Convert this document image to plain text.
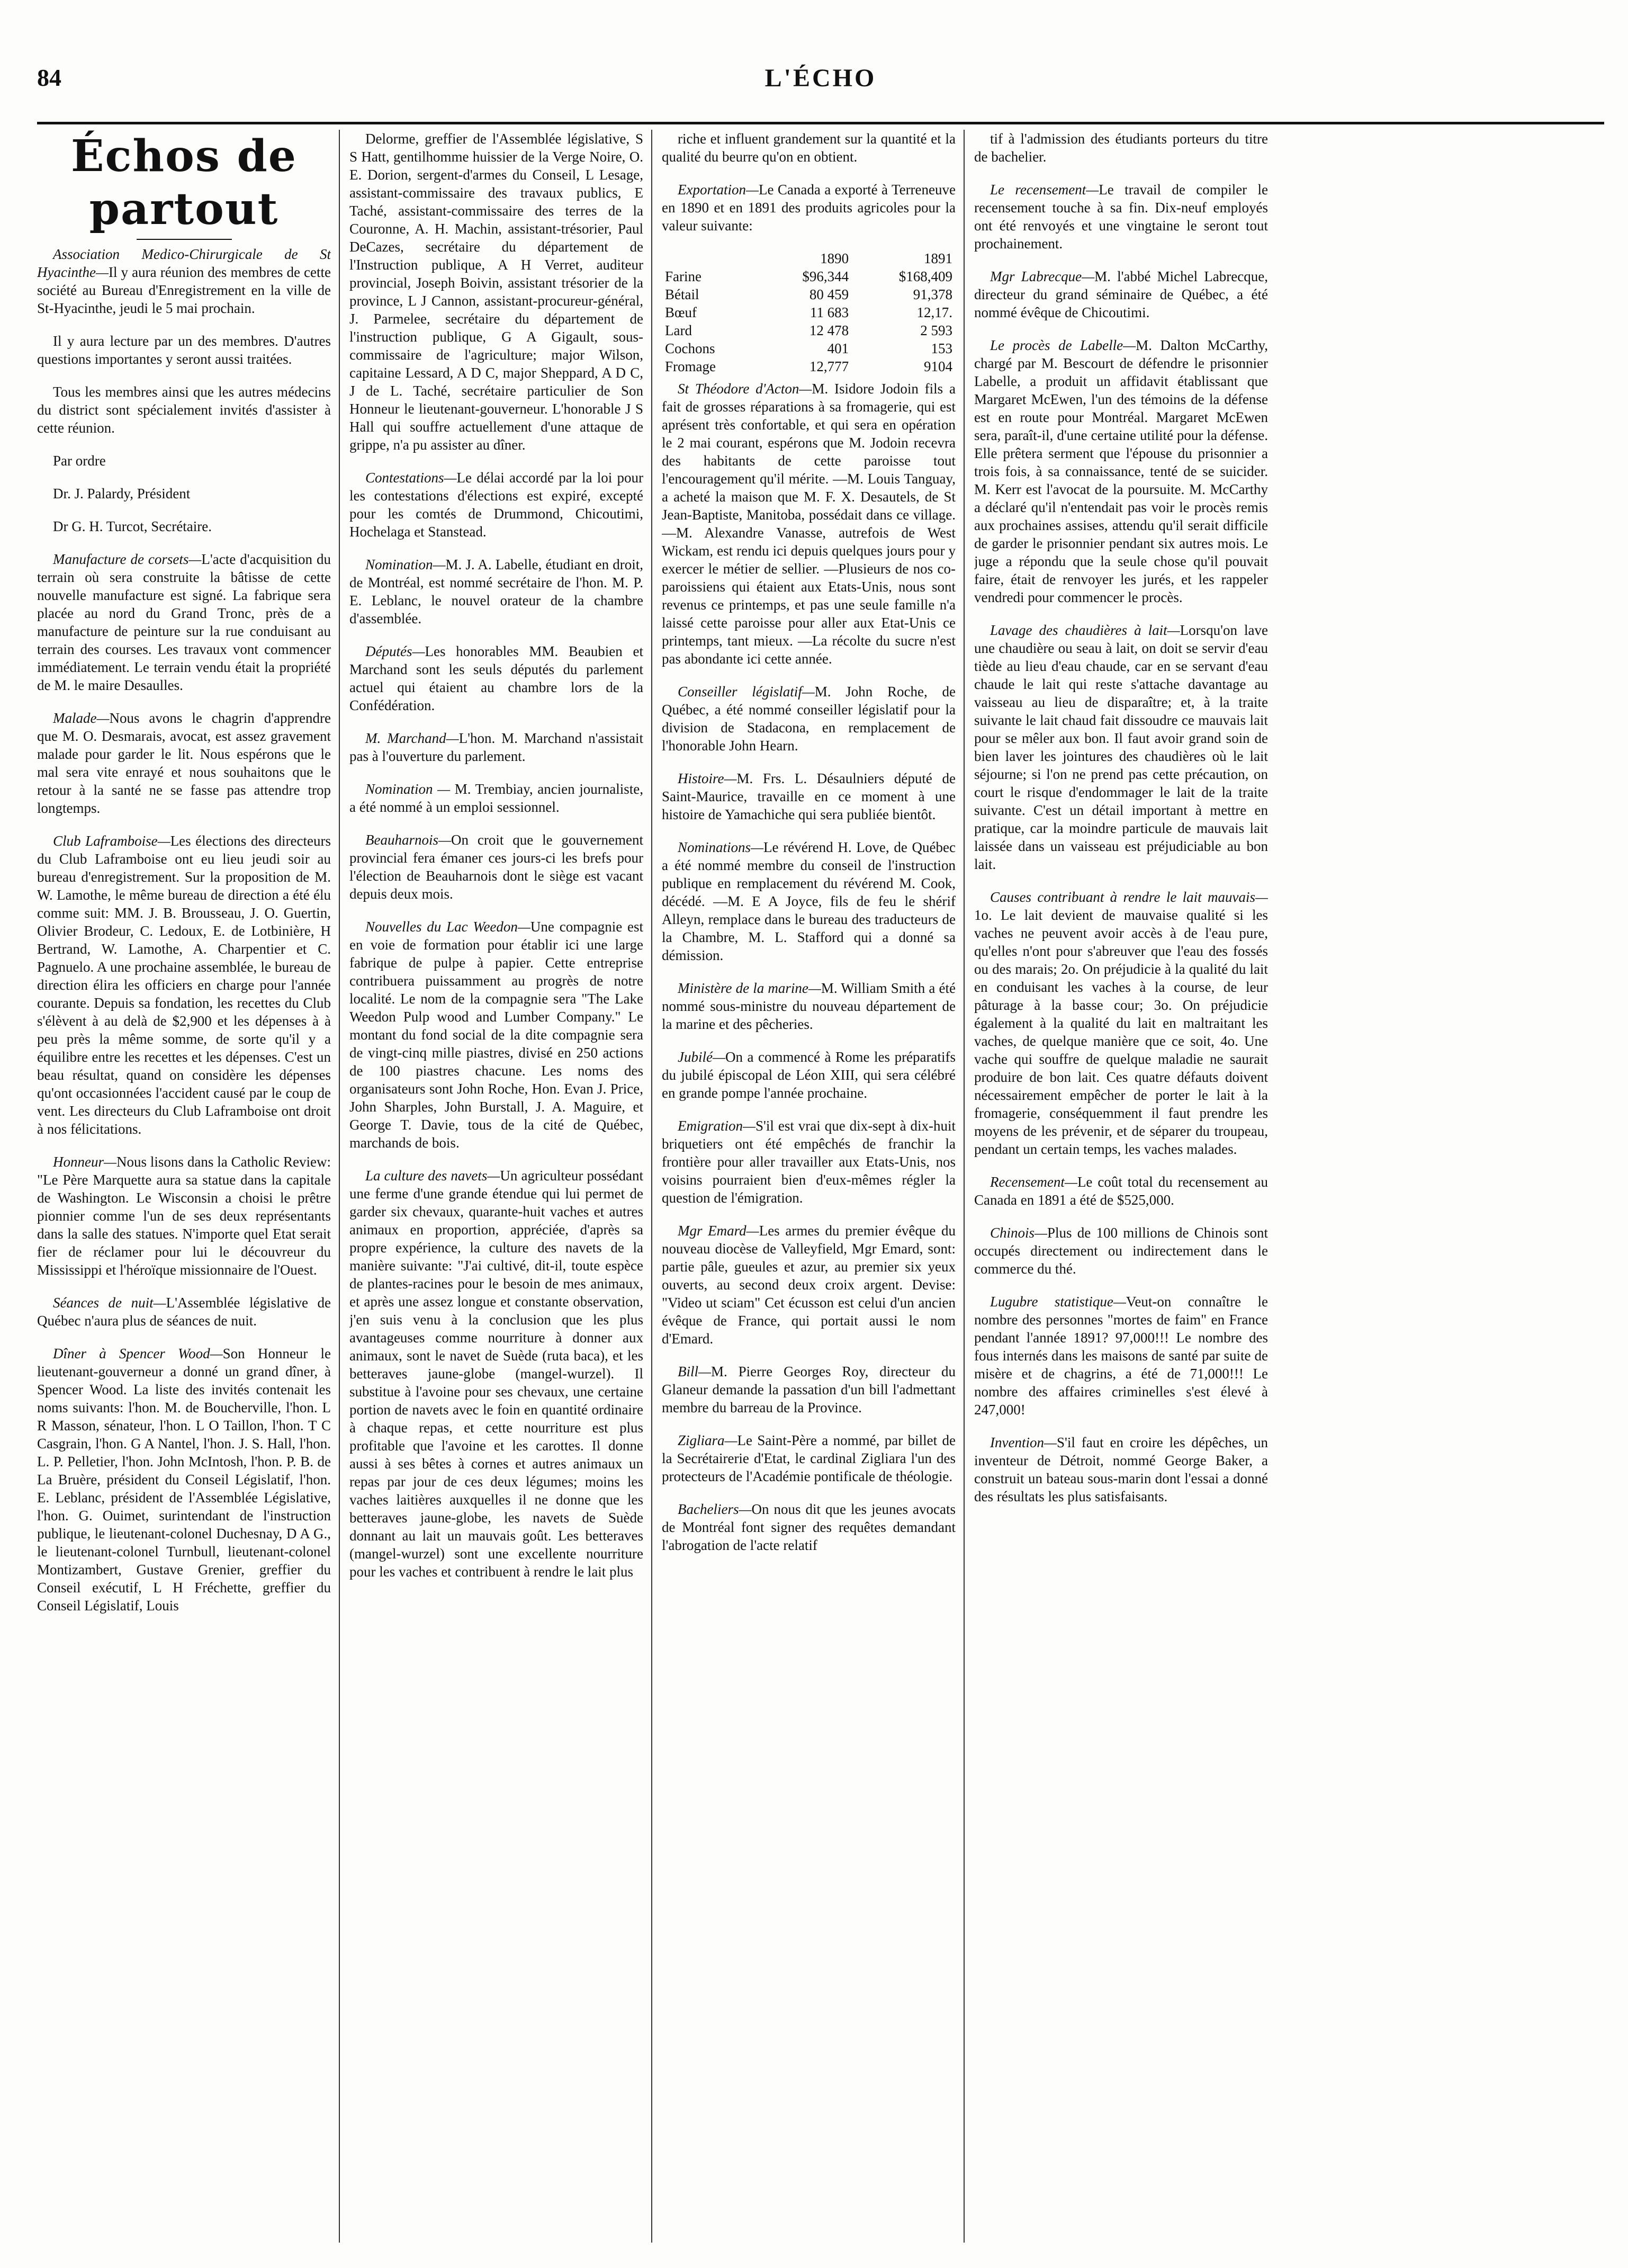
84	L'ÉCHO
Échos de partout
Association Medico-Chirurgicale de St Hyacinthe—Il y aura réunion des membres de cette société au Bureau d'Enregistrement en la ville de St-Hyacinthe, jeudi le 5 mai prochain.
Il y aura lecture par un des membres. D'autres questions importantes y seront aussi traitées.
Tous les membres ainsi que les autres médecins du district sont spécialement invités d'assister à cette réunion.
Par ordre
Dr. J. Palardy, Président
Dr G. H. Turcot, Secrétaire.
Manufacture de corsets—L'acte d'acquisition du terrain où sera construite la bâtisse de cette nouvelle manufacture est signé. La fabrique sera placée au nord du Grand Tronc, près de a manufacture de peinture sur la rue conduisant au terrain des courses. Les travaux vont commencer immédiatement. Le terrain vendu était la propriété de M. le maire Desaulles.
Malade—Nous avons le chagrin d'apprendre que M. O. Desmarais, avocat, est assez gravement malade pour garder le lit. Nous espérons que le mal sera vite enrayé et nous souhaitons que le retour à la santé ne se fasse pas attendre trop longtemps.
Club Laframboise—Les élections des directeurs du Club Laframboise ont eu lieu jeudi soir au bureau d'enregistrement. Sur la proposition de M. W. Lamothe, le même bureau de direction a été élu comme suit: MM. J. B. Brousseau, J. O. Guertin, Olivier Brodeur, C. Ledoux, E. de Lotbinière, H Bertrand, W. Lamothe, A. Charpentier et C. Pagnuelo. A une prochaine assemblée, le bureau de direction élira les officiers en charge pour l'année courante. Depuis sa fondation, les recettes du Club s'élèvent à au delà de $2,900 et les dépenses à à peu près la même somme, de sorte qu'il y a équilibre entre les recettes et les dépenses. C'est un beau résultat, quand on considère les dépenses qu'ont occasionnées l'accident causé par le coup de vent. Les directeurs du Club Laframboise ont droit à nos félicitations.
Honneur—Nous lisons dans la Catholic Review: "Le Père Marquette aura sa statue dans la capitale de Washington. Le Wisconsin a choisi le prêtre pionnier comme l'un de ses deux représentants dans la salle des statues. N'importe quel Etat serait fier de réclamer pour lui le découvreur du Mississippi et l'héroïque missionnaire de l'Ouest.
Séances de nuit—L'Assemblée législative de Québec n'aura plus de séances de nuit.
Dîner à Spencer Wood—Son Honneur le lieutenant-gouverneur a donné un grand dîner, à Spencer Wood. La liste des invités contenait les noms suivants: l'hon. M. de Boucherville, l'hon. L R Masson, sénateur, l'hon. L O Taillon, l'hon. T C Casgrain, l'hon. G A Nantel, l'hon. J. S. Hall, l'hon. L. P. Pelletier, l'hon. John McIntosh, l'hon. P. B. de La Bruère, président du Conseil Législatif, l'hon. E. Leblanc, président de l'Assemblée Législative, l'hon. G. Ouimet, surintendant de l'instruction publique, le lieutenant-colonel Duchesnay, D A G., le lieutenant-colonel Turnbull, lieutenant-colonel Montizambert, Gustave Grenier, greffier du Conseil exécutif, L H Fréchette, greffier du Conseil Législatif, Louis
Delorme, greffier de l'Assemblée législative, S S Hatt, gentilhomme huissier de la Verge Noire, O. E. Dorion, sergent-d'armes du Conseil, L Lesage, assistant-commissaire des travaux publics, E Taché, assistant-commissaire des terres de la Couronne, A. H. Machin, assistant-trésorier, Paul DeCazes, secrétaire du département de l'Instruction publique, A H Verret, auditeur provincial, Joseph Boivin, assistant trésorier de la province, L J Cannon, assistant-procureur-général, J. Parmelee, secrétaire du département de l'instruction publique, G A Gigault, sous-commissaire de l'agriculture; major Wilson, capitaine Lessard, A D C, major Sheppard, A D C, J de L. Taché, secrétaire particulier de Son Honneur le lieutenant-gouverneur. L'honorable J S Hall qui souffre actuellement d'une attaque de grippe, n'a pu assister au dîner.
Contestations—Le délai accordé par la loi pour les contestations d'élections est expiré, excepté pour les comtés de Drummond, Chicoutimi, Hochelaga et Stanstead.
Nomination—M. J. A. Labelle, étudiant en droit, de Montréal, est nommé secrétaire de l'hon. M. P. E. Leblanc, le nouvel orateur de la chambre d'assemblée.
Députés—Les honorables MM. Beaubien et Marchand sont les seuls députés du parlement actuel qui étaient au chambre lors de la Confédération.
M. Marchand—L'hon. M. Marchand n'assistait pas à l'ouverture du parlement.
Nomination — M. Trembiay, ancien journaliste, a été nommé à un emploi sessionnel.
Beauharnois—On croit que le gouvernement provincial fera émaner ces jours-ci les brefs pour l'élection de Beauharnois dont le siège est vacant depuis deux mois.
Nouvelles du Lac Weedon—Une compagnie est en voie de formation pour établir ici une large fabrique de pulpe à papier. Cette entreprise contribuera puissamment au progrès de notre localité. Le nom de la compagnie sera "The Lake Weedon Pulp wood and Lumber Company." Le montant du fond social de la dite compagnie sera de vingt-cinq mille piastres, divisé en 250 actions de 100 piastres chacune. Les noms des organisateurs sont John Roche, Hon. Evan J. Price, John Sharples, John Burstall, J. A. Maguire, et George T. Davie, tous de la cité de Québec, marchands de bois.
La culture des navets—Un agriculteur possédant une ferme d'une grande étendue qui lui permet de garder six chevaux, quarante-huit vaches et autres animaux en proportion, appréciée, d'après sa propre expérience, la culture des navets de la manière suivante: "J'ai cultivé, dit-il, toute espèce de plantes-racines pour le besoin de mes animaux, et après une assez longue et constante observation, j'en suis venu à la conclusion que les plus avantageuses comme nourriture à donner aux animaux, sont le navet de Suède (ruta baca), et les betteraves jaune-globe (mangel-wurzel). Il substitue à l'avoine pour ses chevaux, une certaine portion de navets avec le foin en quantité ordinaire à chaque repas, et cette nourriture est plus profitable que l'avoine et les carottes. Il donne aussi à ses bêtes à cornes et autres animaux un repas par jour de ces deux légumes; moins les vaches laitières auxquelles il ne donne que les betteraves jaune-globe, les navets de Suède donnant au lait un mauvais goût. Les betteraves (mangel-wurzel) sont une excellente nourriture pour les vaches et contribuent à rendre le lait plus
riche et influent grandement sur la quantité et la qualité du beurre qu'on en obtient.
Exportation—Le Canada a exporté à Terreneuve en 1890 et en 1891 des produits agricoles pour la valeur suivante:
	1890	1891
Farine	$96,344	$168,409
Bétail	80 459	91,378
Bœuf	11 683	12,17.
Lard	12 478	2 593
Cochons	401	153
Fromage	12,777	9104
St Théodore d'Acton—M. Isidore Jodoin fils a fait de grosses réparations à sa fromagerie, qui est aprésent très confortable, et qui sera en opération le 2 mai courant, espérons que M. Jodoin recevra des habitants de cette paroisse tout l'encouragement qu'il mérite. —M. Louis Tanguay, a acheté la maison que M. F. X. Desautels, de St Jean-Baptiste, Manitoba, possédait dans ce village. —M. Alexandre Vanasse, autrefois de West Wickam, est rendu ici depuis quelques jours pour y exercer le métier de sellier. —Plusieurs de nos co-paroissiens qui étaient aux Etats-Unis, nous sont revenus ce printemps, et pas une seule famille n'a laissé cette paroisse pour aller aux Etat-Unis ce printemps, tant mieux. —La récolte du sucre n'est pas abondante ici cette année.
Conseiller législatif—M. John Roche, de Québec, a été nommé conseiller législatif pour la division de Stadacona, en remplacement de l'honorable John Hearn.
Histoire—M. Frs. L. Désaulniers député de Saint-Maurice, travaille en ce moment à une histoire de Yamachiche qui sera publiée bientôt.
Nominations—Le révérend H. Love, de Québec a été nommé membre du conseil de l'instruction publique en remplacement du révérend M. Cook, décédé. —M. E A Joyce, fils de feu le shérif Alleyn, remplace dans le bureau des traducteurs de la Chambre, M. L. Stafford qui a donné sa démission.
Ministère de la marine—M. William Smith a été nommé sous-ministre du nouveau département de la marine et des pêcheries.
Jubilé—On a commencé à Rome les préparatifs du jubilé épiscopal de Léon XIII, qui sera célébré en grande pompe l'année prochaine.
Emigration—S'il est vrai que dix-sept à dix-huit briquetiers ont été empêchés de franchir la frontière pour aller travailler aux Etats-Unis, nos voisins pourraient bien d'eux-mêmes régler la question de l'émigration.
Mgr Emard—Les armes du premier évêque du nouveau diocèse de Valleyfield, Mgr Emard, sont: partie pâle, gueules et azur, au premier six yeux ouverts, au second deux croix argent. Devise: "Video ut sciam" Cet écusson est celui d'un ancien évêque de France, qui portait aussi le nom d'Emard.
Bill—M. Pierre Georges Roy, directeur du Glaneur demande la passation d'un bill l'admettant membre du barreau de la Province.
Zigliara—Le Saint-Père a nommé, par billet de la Secrétairerie d'Etat, le cardinal Zigliara l'un des protecteurs de l'Académie pontificale de théologie.
Bacheliers—On nous dit que les jeunes avocats de Montréal font signer des requêtes demandant l'abrogation de l'acte relatif
tif à l'admission des étudiants porteurs du titre de bachelier.
Le recensement—Le travail de compiler le recensement touche à sa fin. Dix-neuf employés ont été renvoyés et une vingtaine le seront tout prochainement.
Mgr Labrecque—M. l'abbé Michel Labrecque, directeur du grand séminaire de Québec, a été nommé évêque de Chicoutimi.
Le procès de Labelle—M. Dalton McCarthy, chargé par M. Bescourt de défendre le prisonnier Labelle, a produit un affidavit établissant que Margaret McEwen, l'un des témoins de la défense est en route pour Montréal. Margaret McEwen sera, paraît-il, d'une certaine utilité pour la défense. Elle prêtera serment que l'épouse du prisonnier a trois fois, à sa connaissance, tenté de se suicider. M. Kerr est l'avocat de la poursuite. M. McCarthy a déclaré qu'il n'entendait pas voir le procès remis aux prochaines assises, attendu qu'il serait difficile de garder le prisonnier pendant six autres mois. Le juge a répondu que la seule chose qu'il pouvait faire, était de renvoyer les jurés, et les rappeler vendredi pour commencer le procès.
Lavage des chaudières à lait—Lorsqu'on lave une chaudière ou seau à lait, on doit se servir d'eau tiède au lieu d'eau chaude, car en se servant d'eau chaude le lait qui reste s'attache davantage au vaisseau au lieu de disparaître; et, à la traite suivante le lait chaud fait dissoudre ce mauvais lait pour se mêler aux bon. Il faut avoir grand soin de bien laver les jointures des chaudières où le lait séjourne; si l'on ne prend pas cette précaution, on court le risque d'endommager le lait de la traite suivante. C'est un détail important à mettre en pratique, car la moindre particule de mauvais lait laissée dans un vaisseau est préjudiciable au bon lait.
Causes contribuant à rendre le lait mauvais—1o. Le lait devient de mauvaise qualité si les vaches ne peuvent avoir accès à de l'eau pure, qu'elles n'ont pour s'abreuver que l'eau des fossés ou des marais; 2o. On préjudicie à la qualité du lait en conduisant les vaches à la course, de leur pâturage à la basse cour; 3o. On préjudicie également à la qualité du lait en maltraitant les vaches, de quelque manière que ce soit, 4o. Une vache qui souffre de quelque maladie ne saurait produire de bon lait. Ces quatre défauts doivent nécessairement empêcher de porter le lait à la fromagerie, conséquemment il faut prendre les moyens de les prévenir, et de séparer du troupeau, pendant un certain temps, les vaches malades.
Recensement—Le coût total du recensement au Canada en 1891 a été de $525,000.
Chinois—Plus de 100 millions de Chinois sont occupés directement ou indirectement dans le commerce du thé.
Lugubre statistique—Veut-on connaître le nombre des personnes "mortes de faim" en France pendant l'année 1891? 97,000!!! Le nombre des fous internés dans les maisons de santé par suite de misère et de chagrins, a été de 71,000!!! Le nombre des affaires criminelles s'est élevé à 247,000!
Invention—S'il faut en croire les dépêches, un inventeur de Détroit, nommé George Baker, a construit un bateau sous-marin dont l'essai a donné des résultats les plus satisfaisants.
